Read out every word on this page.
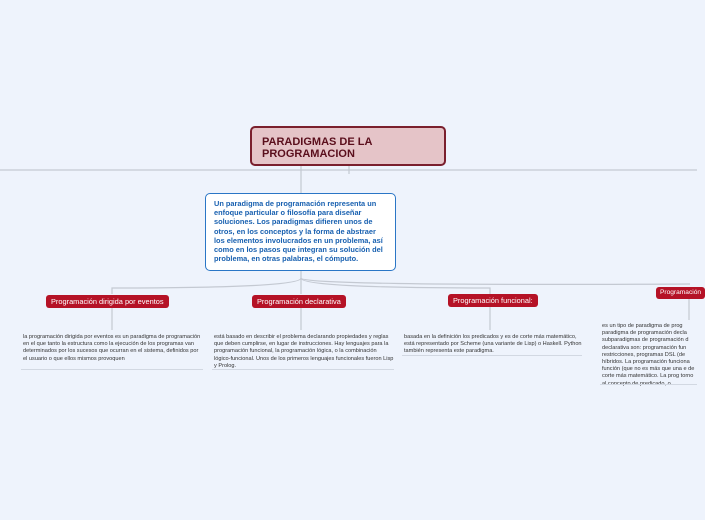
PARADIGMAS DE LA PROGRAMACION
Un paradigma de programación representa un enfoque particular o filosofía para diseñar soluciones. Los paradigmas difieren unos de otros, en los conceptos y la forma de abstraer los elementos involucrados en un problema, así como en los pasos que integran su solución del problema, en otras palabras, el cómputo.
Programación dirigida por eventos	Programación declarativa	Programación funcional:
Programación
la programación dirigida por eventos es un paradigma de programación en el que tanto la estructura como la ejecución de los programas van determinados por los sucesos que ocurran en el sistema, definidos por el usuario o que ellos mismos provoquen
está basado en describir el problema declarando propiedades y reglas que deben cumplirse, en lugar de instrucciones. Hay lenguajes para la programación funcional, la programación lógica, o la combinación lógico-funcional. Unos de los primeros lenguajes funcionales fueron Lisp y Prolog.
basada en la definición los predicados y es de corte más matemático, está representado por Scheme (una variante de Lisp) o Haskell. Python también representa este paradigma.
es un tipo de paradigma de prog paradigma de programación decla subparadigmas de programación d declarativa son: programación fun restricciones, programas DSL (de híbridos. La programación funciona función (que no es más que una e de corte más matemático. La prog torno
